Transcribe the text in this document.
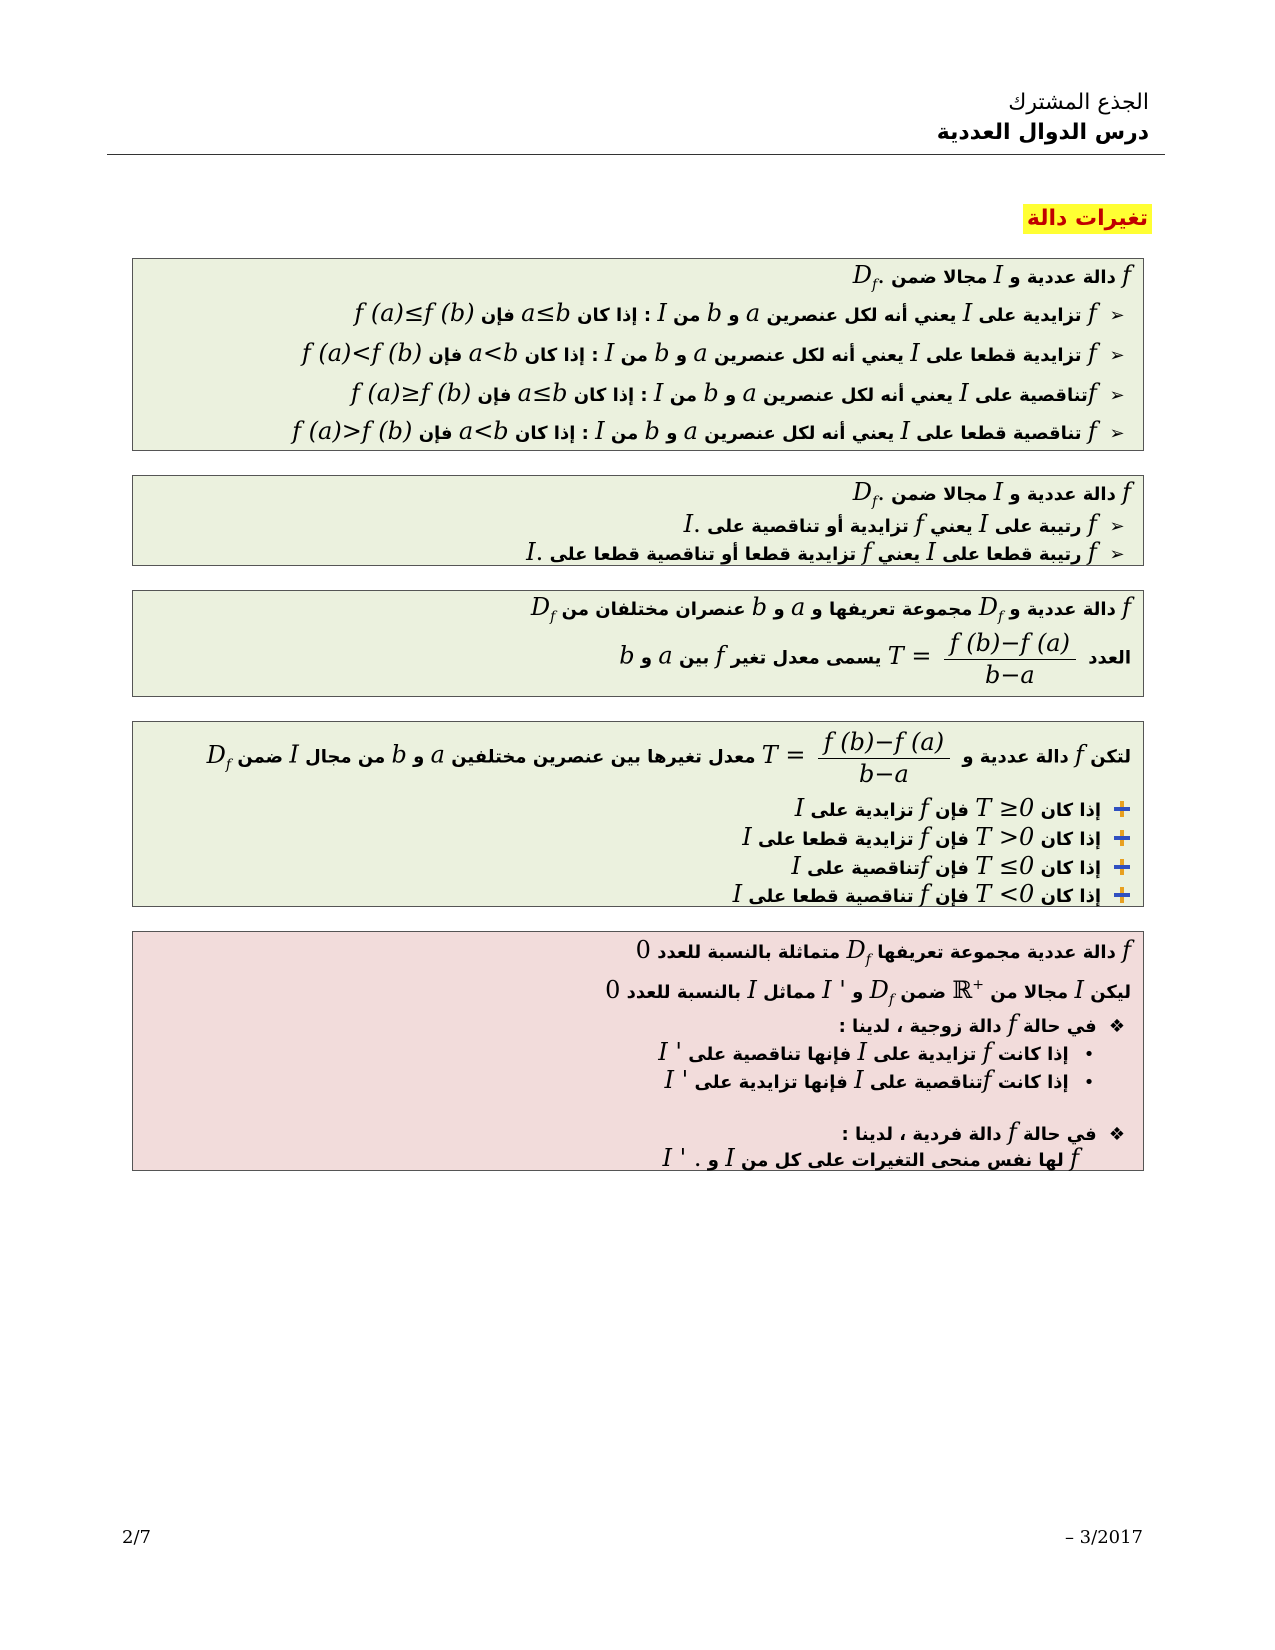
الجذع المشترك
درس الدوال العددية
تغيرات دالة
f دالة عددية و I مجالا ضمن $D_f$.
➢ f تزايدية على I يعني أنه لكل عنصرين a و b من I : إذا كان a≤b فإن f (a)≤f (b)
➢ f تزايدية قطعا على I يعني أنه لكل عنصرين a و b من I : إذا كان a<b فإن f (a)<f (b)
➢ fتناقصية على I يعني أنه لكل عنصرين a و b من I : إذا كان a≤b فإن f (a)≥f (b)
➢ f تناقصية قطعا على I يعني أنه لكل عنصرين a و b من I : إذا كان a<b فإن f (a)>f (b)
f دالة عددية و I مجالا ضمن $D_f$.
➢ f رتيبة على I يعني f تزايدية أو تناقصية على I.
➢ f رتيبة قطعا على I يعني f تزايدية قطعا أو تناقصية قطعا على I.
f دالة عددية و $D_f$ مجموعة تعريفها و a و b عنصران مختلفان من $D_f$
العدد
$\frac{f (b)-f (a)}{b-a}$
T = يسمى معدل تغير f بين a و b
لتكن f دالة عددية و
$\frac{f (b)-f (a)}{b-a}$
T = معدل تغيرها بين عنصرين مختلفين a و b من مجال I ضمن $D_f$
إذا كان T ≥0 فإن f تزايدية على I
إذا كان T >0 فإن f تزايدية قطعا على I
إذا كان T ≤0 فإن fتناقصية على I
إذا كان T <0 فإن f تناقصية قطعا على I
f دالة عددية مجموعة تعريفها $D_f$ متماثلة بالنسبة للعدد 0
ليكن I مجالا من ℝ+ ضمن $D_f$ و I ' مماثل I بالنسبة للعدد 0
❖ في حالة f دالة زوجية ، لدينا :
• إذا كانت f تزايدية على I فإنها تناقصية على I '
• إذا كانت fتناقصية على I فإنها تزايدية على I '
❖ في حالة f دالة فردية ، لدينا :
f لها نفس منحى التغيرات على كل من I و I ' .
2/7	– 3/2017
